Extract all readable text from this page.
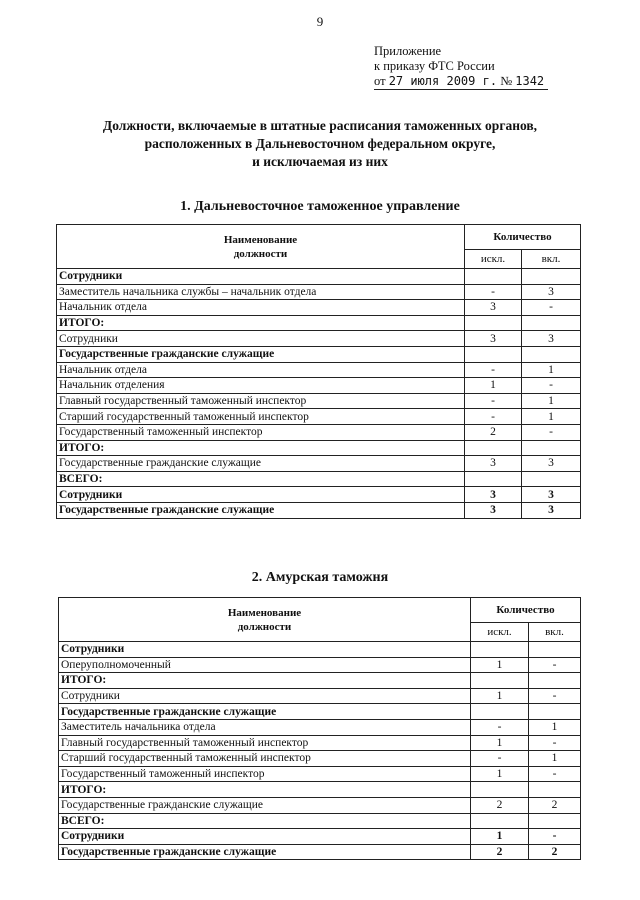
9
Приложение
к приказу ФТС России
от 27 июля 2009 г. № 1342
Должности, включаемые в штатные расписания таможенных органов,
расположенных в Дальневосточном федеральном округе,
и исключаемая из них
1. Дальневосточное таможенное управление
Наименование
должности	Количество	
	искл.	вкл.
Сотрудники		
Заместитель начальника службы – начальник отдела	-	3
Начальник отдела	3	-
ИТОГО:		
Сотрудники	3	3
Государственные гражданские служащие		
Начальник отдела	-	1
Начальник отделения	1	-
Главный государственный таможенный инспектор	-	1
Старший государственный таможенный инспектор	-	1
Государственный таможенный инспектор	2	-
ИТОГО:		
Государственные гражданские служащие	3	3
ВСЕГО:		
Сотрудники	3	3
Государственные гражданские служащие	3	3
2. Амурская таможня
Наименование
должности	Количество	
	искл.	вкл.
Сотрудники		
Оперуполномоченный	1	-
ИТОГО:		
Сотрудники	1	-
Государственные гражданские служащие		
Заместитель начальника отдела	-	1
Главный государственный таможенный инспектор	1	-
Старший государственный таможенный инспектор	-	1
Государственный таможенный инспектор	1	-
ИТОГО:		
Государственные гражданские служащие	2	2
ВСЕГО:		
Сотрудники	1	-
Государственные гражданские служащие	2	2
